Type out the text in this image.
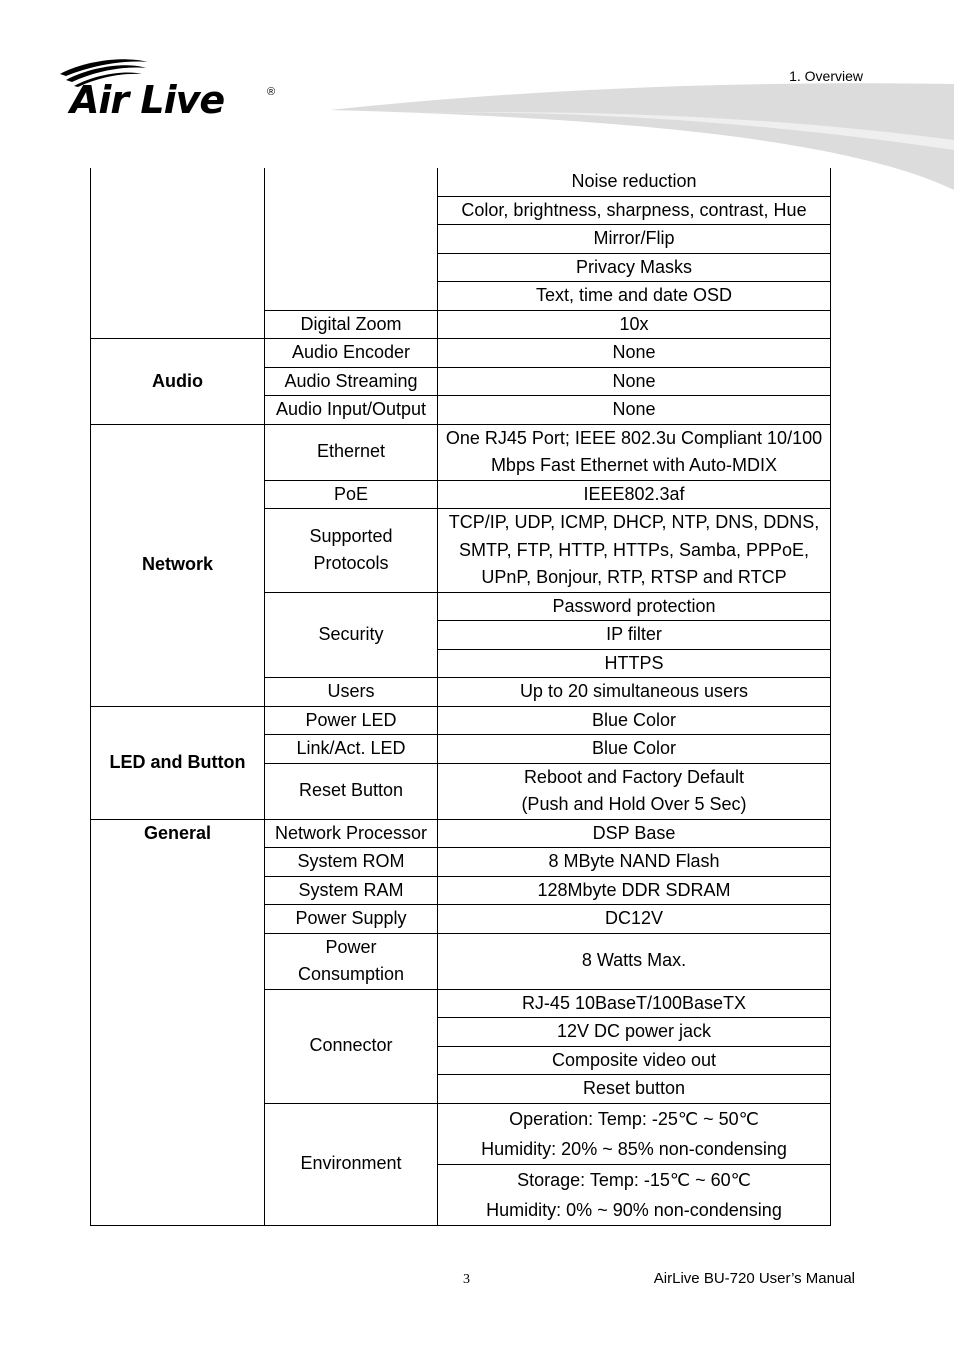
Air Live	®
1. Overview
		Noise reduction
		Color, brightness, sharpness, contrast, Hue
		Mirror/Flip
		Privacy Masks
		Text, time and date OSD
	Digital Zoom	10x
Audio	Audio Encoder	None
	Audio Streaming	None
	Audio Input/Output	None
Network	Ethernet	One RJ45 Port; IEEE 802.3u Compliant 10/100 Mbps Fast Ethernet with Auto-MDIX
	PoE	IEEE802.3af
	Supported Protocols	TCP/IP, UDP, ICMP, DHCP, NTP, DNS, DDNS, SMTP, FTP, HTTP, HTTPs, Samba, PPPoE, UPnP, Bonjour, RTP, RTSP and RTCP
	Security	Password protection
		IP filter
		HTTPS
	Users	Up to 20 simultaneous users
LED and Button	Power LED	Blue Color
	Link/Act. LED	Blue Color
	Reset Button	Reboot and Factory Default
(Push and Hold Over 5 Sec)

General	Network Processor	DSP Base
	System ROM	8 MByte NAND Flash
	System RAM	128Mbyte DDR SDRAM
	Power Supply	DC12V
	Power Consumption	8 Watts Max.
	Connector	RJ-45 10BaseT/100BaseTX
		12V DC power jack
		Composite video out
		Reset button
	Environment	Operation: Temp: -25℃ ~ 50℃
Humidity: 20% ~ 85% non-condensing

		Storage: Temp: -15℃ ~ 60℃
Humidity: 0% ~ 90% non-condensing
3	AirLive BU-720 User’s Manual
